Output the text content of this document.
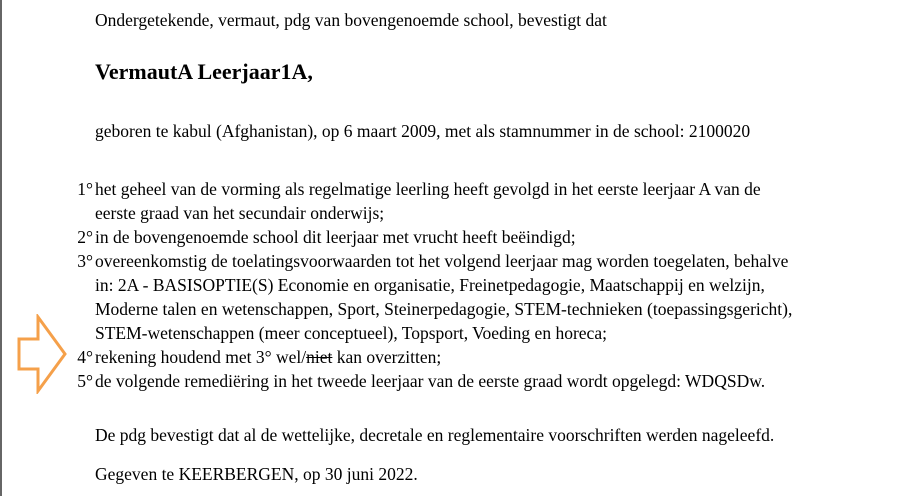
Ondergetekende, vermaut, pdg van bovengenoemde school, bevestigt dat
VermautA Leerjaar1A,
geboren te kabul (Afghanistan), op 6 maart 2009, met als stamnummer in de school: 2100020
1° het geheel van de vorming als regelmatige leerling heeft gevolgd in het eerste leerjaar A van de
eerste graad van het secundair onderwijs;
2° in de bovengenoemde school dit leerjaar met vrucht heeft beëindigd;
3° overeenkomstig de toelatingsvoorwaarden tot het volgend leerjaar mag worden toegelaten, behalve
in: 2A - BASISOPTIE(S) Economie en organisatie, Freinetpedagogie, Maatschappij en welzijn,
Moderne talen en wetenschappen, Sport, Steinerpedagogie, STEM-technieken (toepassingsgericht),
STEM-wetenschappen (meer conceptueel), Topsport, Voeding en horeca;
4° rekening houdend met 3° wel/niet kan overzitten;
5° de volgende remediëring in het tweede leerjaar van de eerste graad wordt opgelegd: WDQSDw.
De pdg bevestigt dat al de wettelijke, decretale en reglementaire voorschriften werden nageleefd.
Gegeven te KEERBERGEN, op 30 juni 2022.
